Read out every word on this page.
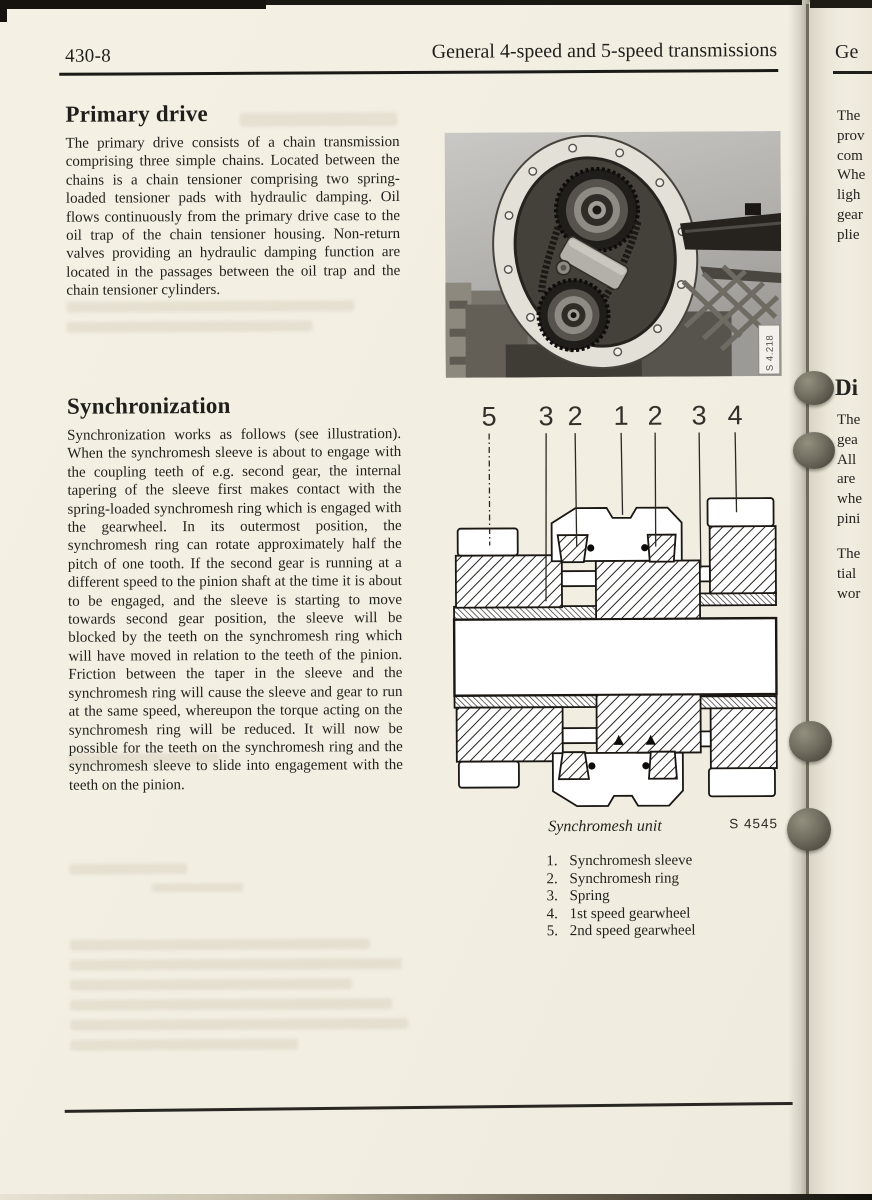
430-8	General 4-speed and 5-speed transmissions
Primary drive

The primary drive consists of a chain transmission comprising three simple chains. Located between the chains is a chain tensioner comprising two spring-loaded tensioner pads with hydraulic damping. Oil flows continuously from the primary drive case to the oil trap of the chain tensioner housing. Non-return valves providing an hydraulic damping function are located in the passages between the oil trap and the chain tensioner cylinders.

Synchronization

Synchronization works as follows (see illustration). When the synchromesh sleeve is about to engage with the coupling teeth of e.g. second gear, the internal tapering of the sleeve first makes contact with the spring-loaded synchromesh ring which is engaged with the gearwheel. In its outermost position, the synchromesh ring can rotate approximately half the pitch of one tooth. If the second gear is running at a different speed to the pinion shaft at the time it is about to be engaged, and the sleeve is starting to move towards second gear position, the sleeve will be blocked by the teeth on the synchromesh ring which will have moved in relation to the teeth of the pinion. Friction between the taper in the sleeve and the synchromesh ring will cause the sleeve and gear to run at the same speed, whereupon the torque acting on the synchromesh ring will be reduced. It will now be possible for the teeth on the synchromesh ring and the synchromesh sleeve to slide into engagement with the teeth on the pinion.

S 4.218
5 3 2 1 2 3 4
Synchromesh unit	S 4545
1. Synchromesh sleeve
2. Synchromesh ring
3. Spring
4. 1st speed gearwheel
5. 2nd speed gearwheel
Ge
The
prov
com
Whe
ligh
gear
plie
Di
The
gea
All
are
whe
pini
The
tial
wor
